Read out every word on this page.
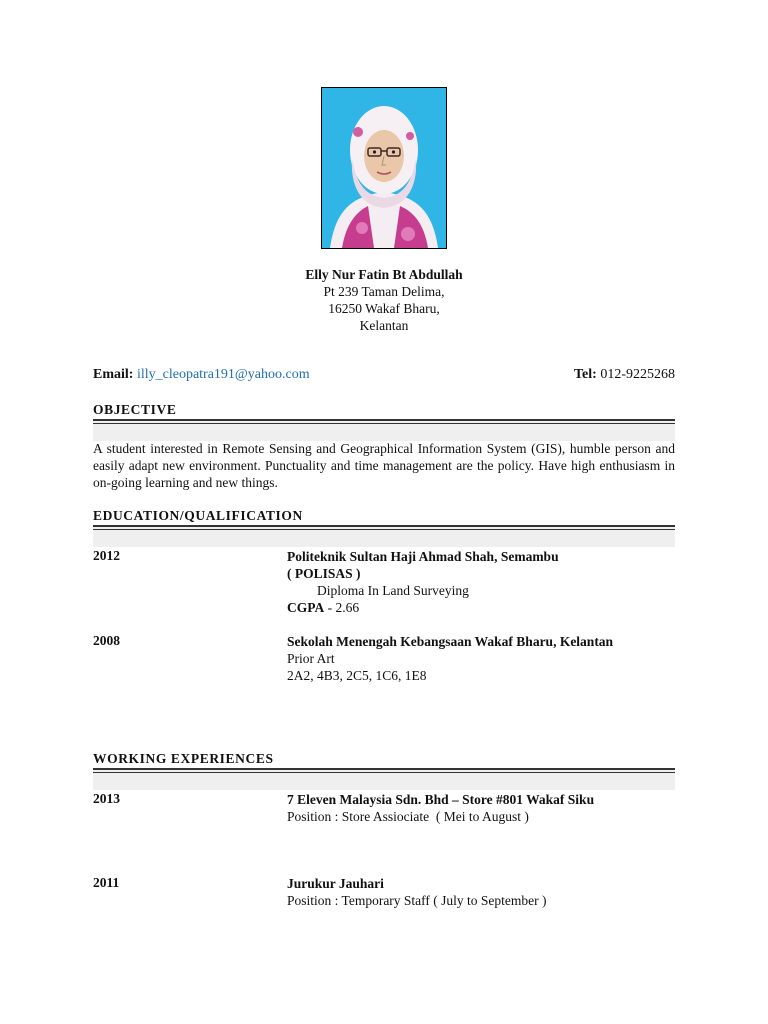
Elly Nur Fatin Bt Abdullah
Pt 239 Taman Delima,
16250 Wakaf Bharu,
Kelantan
Email: illy_cleopatra191@yahoo.com	Tel: 012-9225268
OBJECTIVE
A student interested in Remote Sensing and Geographical Information System (GIS), humble person and easily adapt new environment. Punctuality and time management are the policy. Have high enthusiasm in on-going learning and new things.
EDUCATION/QUALIFICATION
2012	Politeknik Sultan Haji Ahmad Shah, Semambu
( POLISAS )
Diploma In Land Surveying
CGPA - 2.66
2008	Sekolah Menengah Kebangsaan Wakaf Bharu, Kelantan
Prior Art
2A2, 4B3, 2C5, 1C6, 1E8
WORKING EXPERIENCES
2013	7 Eleven Malaysia Sdn. Bhd – Store #801 Wakaf Siku
Position : Store Assiociate  ( Mei to August )
2011	Jurukur Jauhari
Position : Temporary Staff ( July to September )
